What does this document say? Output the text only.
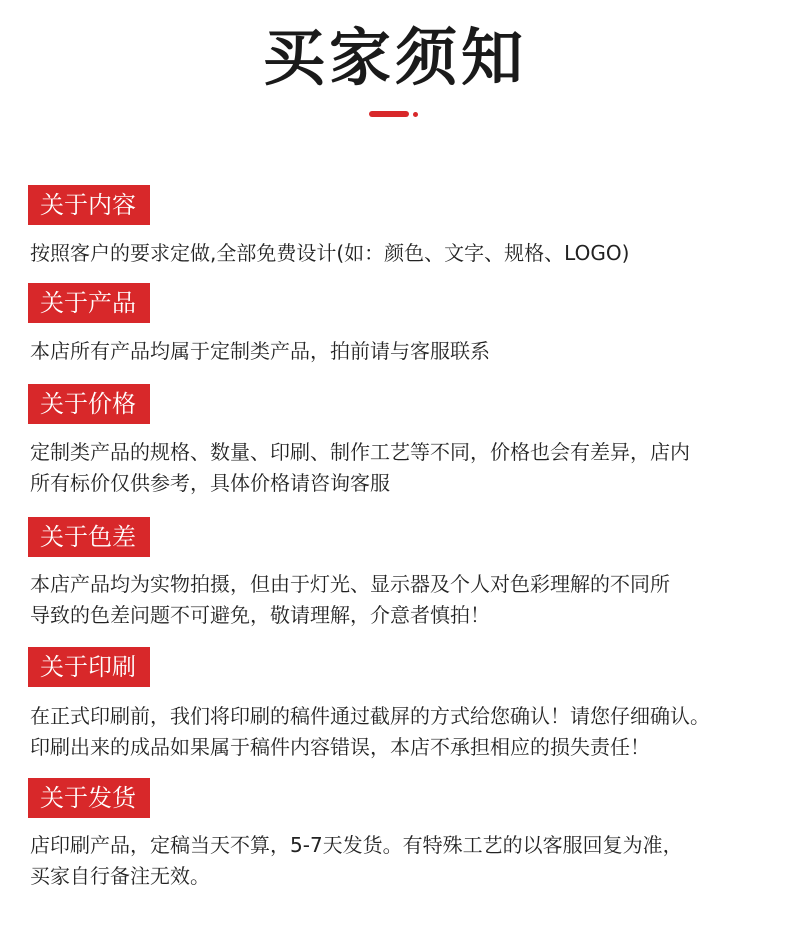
买家须知
关于内容
按照客户的要求定做,全部免费设计(如：颜色、文字、规格、LOGO)
关于产品
本店所有产品均属于定制类产品，拍前请与客服联系
关于价格
定制类产品的规格、数量、印刷、制作工艺等不同，价格也会有差异，店内
所有标价仅供参考，具体价格请咨询客服
关于色差
本店产品均为实物拍摄，但由于灯光、显示器及个人对色彩理解的不同所
导致的色差问题不可避免，敬请理解，介意者慎拍！
关于印刷
在正式印刷前，我们将印刷的稿件通过截屏的方式给您确认！请您仔细确认。
印刷出来的成品如果属于稿件内容错误，本店不承担相应的损失责任！
关于发货
店印刷产品，定稿当天不算，5-7天发货。有特殊工艺的以客服回复为准，
买家自行备注无效。
